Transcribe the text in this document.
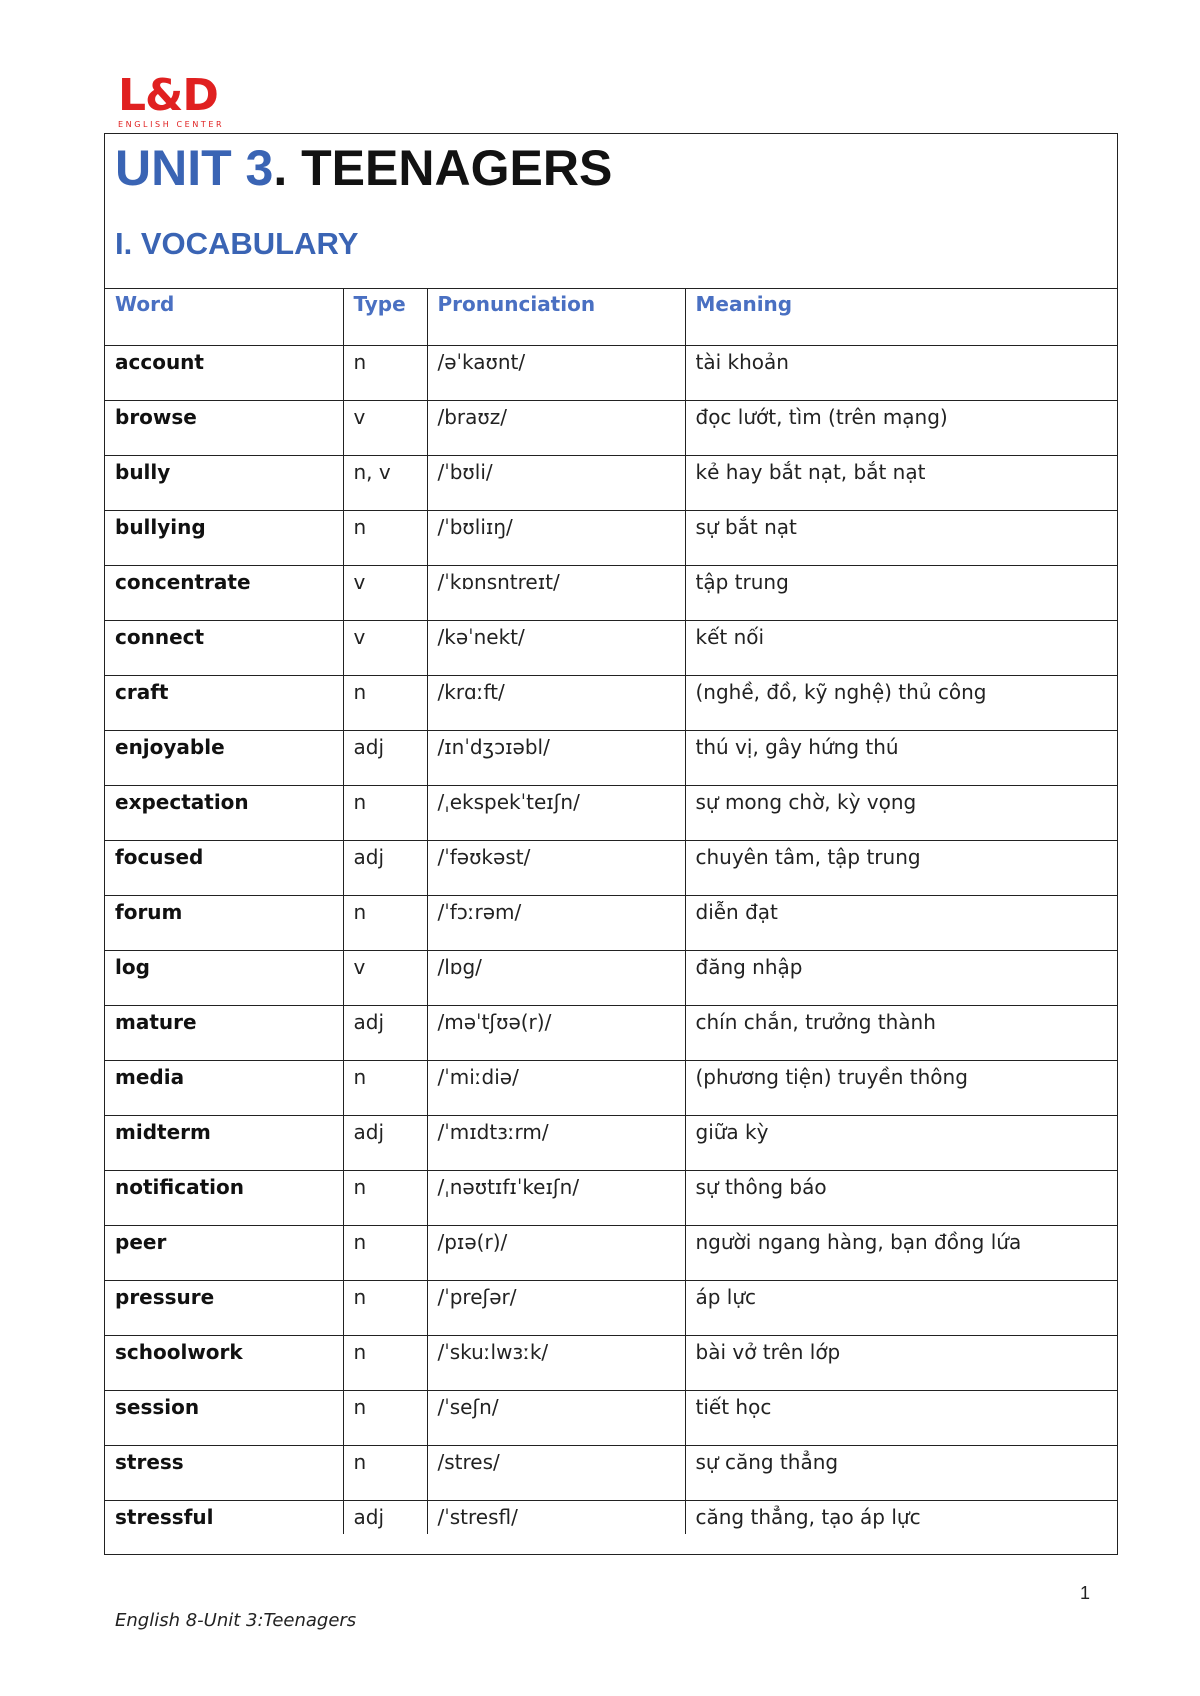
L&D
ENGLISH CENTER
UNIT 3. TEENAGERS
I. VOCABULARY
Word	Type	Pronunciation	Meaning
account	n	/əˈkaʊnt/	tài khoản
browse	v	/braʊz/	đọc lướt, tìm (trên mạng)
bully	n, v	/ˈbʊli/	kẻ hay bắt nạt, bắt nạt
bullying	n	/ˈbʊliɪŋ/	sự bắt nạt
concentrate	v	/ˈkɒnsntreɪt/	tập trung
connect	v	/kəˈnekt/	kết nối
craft	n	/krɑːft/	(nghề, đồ, kỹ nghệ) thủ công
enjoyable	adj	/ɪnˈdʒɔɪəbl/	thú vị, gây hứng thú
expectation	n	/ˌekspekˈteɪʃn/	sự mong chờ, kỳ vọng
focused	adj	/ˈfəʊkəst/	chuyên tâm, tập trung
forum	n	/ˈfɔːrəm/	diễn đạt
log	v	/lɒg/	đăng nhập
mature	adj	/məˈtʃʊə(r)/	chín chắn, trưởng thành
media	n	/ˈmiːdiə/	(phương tiện) truyền thông
midterm	adj	/ˈmɪdtɜːrm/	giữa kỳ
notification	n	/ˌnəʊtɪfɪˈkeɪʃn/	sự thông báo
peer	n	/pɪə(r)/	người ngang hàng, bạn đồng lứa
pressure	n	/ˈpreʃər/	áp lực
schoolwork	n	/ˈskuːlwɜːk/	bài vở trên lớp
session	n	/ˈseʃn/	tiết học
stress	n	/stres/	sự căng thẳng
stressful	adj	/ˈstresfl/	căng thẳng, tạo áp lực
1
English 8-Unit 3:Teenagers
